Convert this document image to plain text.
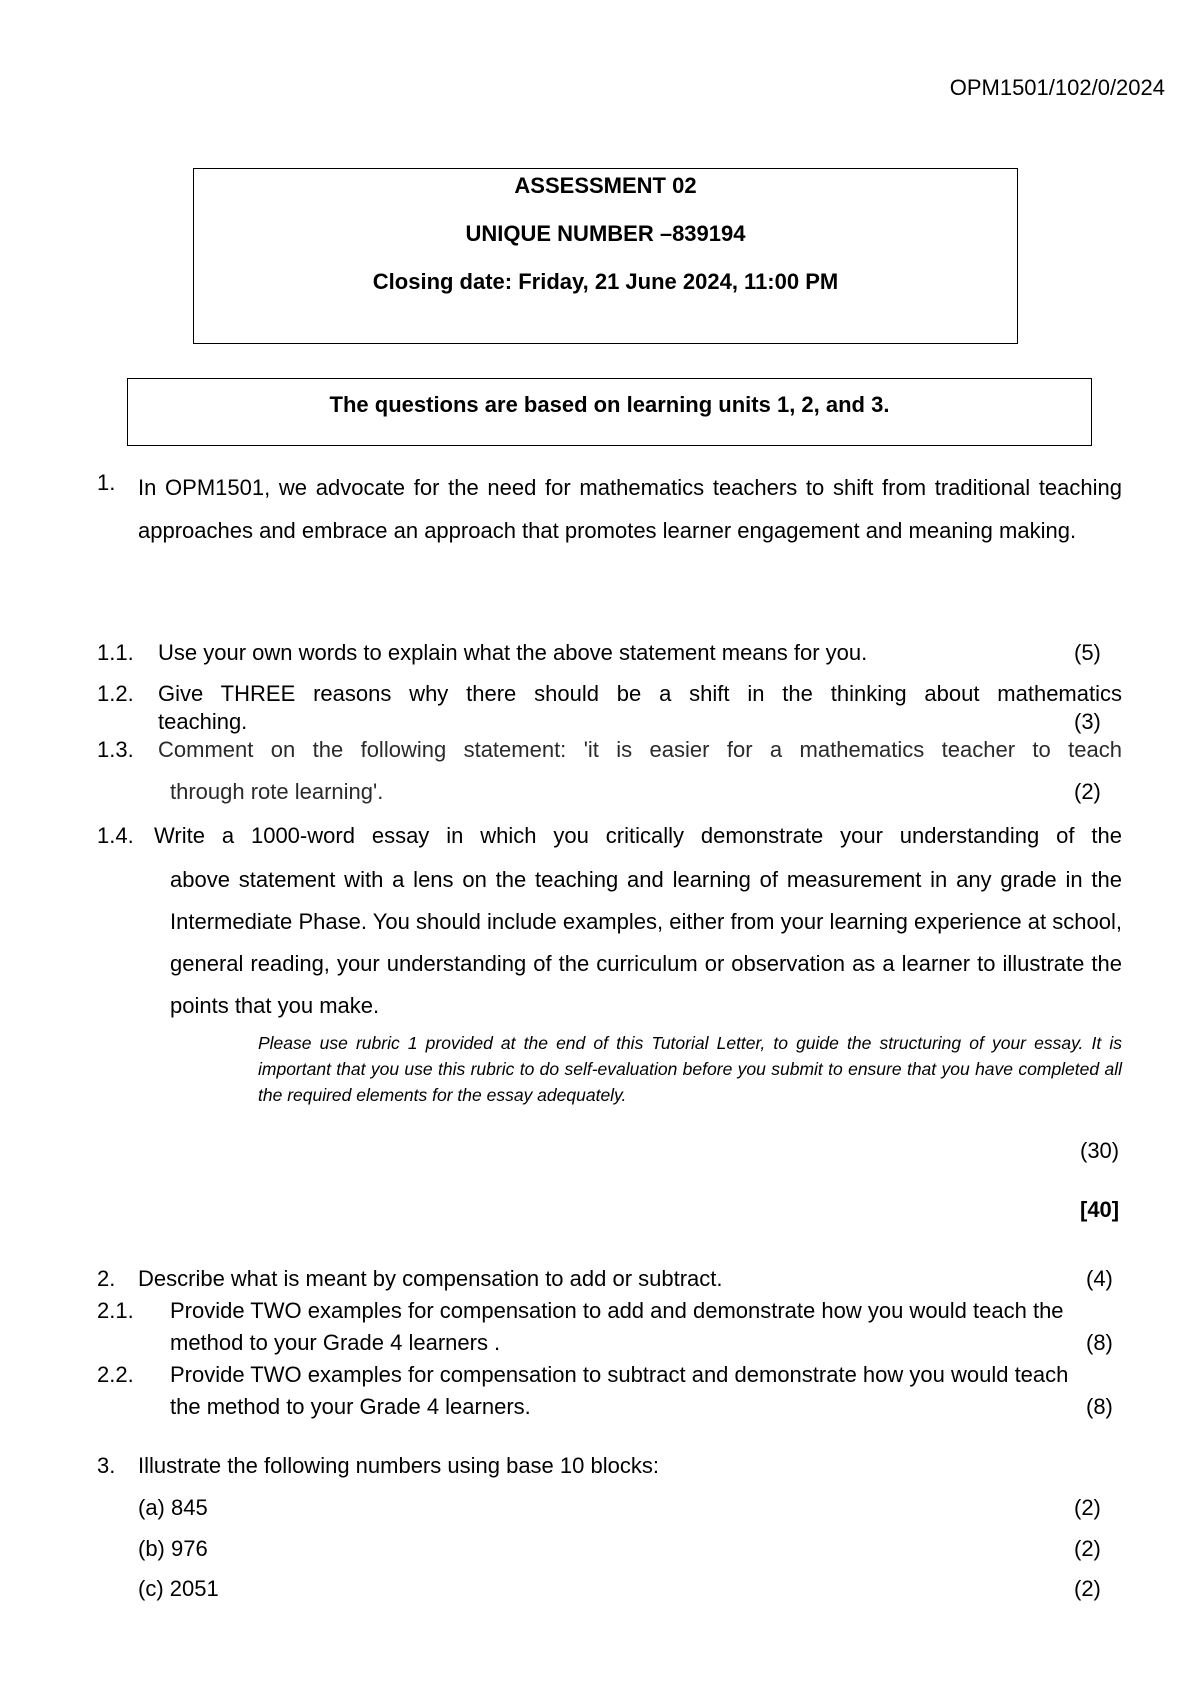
OPM1501/102/0/2024

ASSESSMENT 02

UNIQUE NUMBER –839194

Closing date: Friday, 21 June 2024, 11:00 PM

The questions are based on learning units 1, 2, and 3.

1. In OPM1501, we advocate for the need for mathematics teachers to shift from traditional teaching approaches and embrace an approach that promotes learner engagement and meaning making.

1.1. Use your own words to explain what the above statement means for you.	(5)

1.2. Give THREE reasons why there should be a shift in the thinking about mathematics

teaching.	(3)

1.3. Comment on the following statement: 'it is easier for a mathematics teacher to teach

through rote learning'.	(2)

1.4. Write a 1000-word essay in which you critically demonstrate your understanding of the

above statement with a lens on the teaching and learning of measurement in any grade in the Intermediate Phase. You should include examples, either from your learning experience at school, general reading, your understanding of the curriculum or observation as a learner to illustrate the points that you make.

Please use rubric 1 provided at the end of this Tutorial Letter, to guide the structuring of your essay. It is important that you use this rubric to do self-evaluation before you submit to ensure that you have completed all the required elements for the essay adequately.

(30)

[40]

2. Describe what is meant by compensation to add or subtract.	(4)

2.1. Provide TWO examples for compensation to add and demonstrate how you would teach the

method to your Grade 4 learners .	(8)

2.2. Provide TWO examples for compensation to subtract and demonstrate how you would teach

the method to your Grade 4 learners.	(8)

3. Illustrate the following numbers using base 10 blocks:

(a) 845	(2)

(b) 976	(2)

(c) 2051	(2)
